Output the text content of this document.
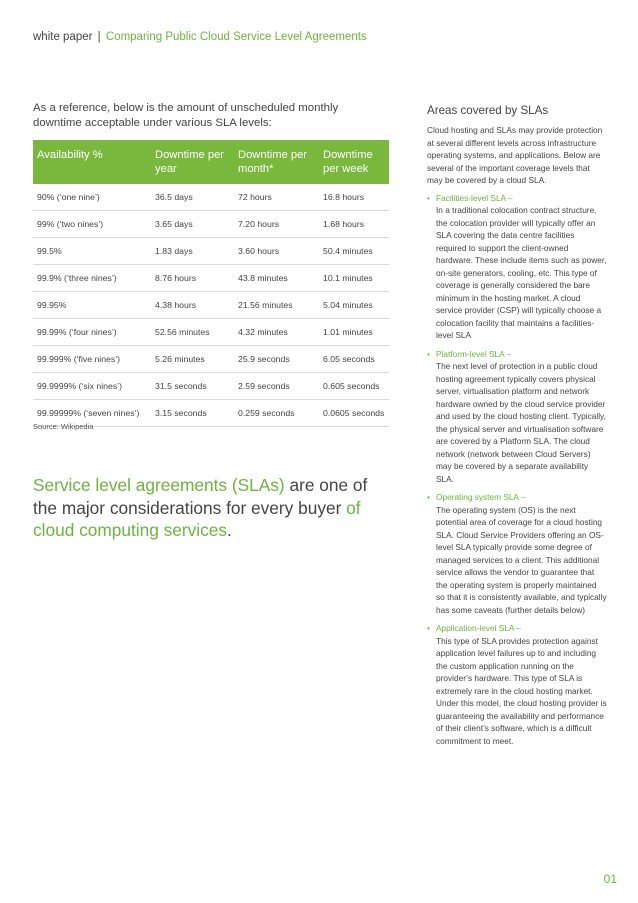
white paper | Comparing Public Cloud Service Level Agreements
As a reference, below is the amount of unscheduled monthly downtime acceptable under various SLA levels:
Availability %	Downtime per year	Downtime per month*	Downtime per week
90% (‘one nine’)	36.5 days	72 hours	16.8 hours
99% (‘two nines’)	3.65 days	7.20 hours	1.68 hours
99.5%	1.83 days	3.60 hours	50.4 minutes
99.9% (‘three nines’)	8.76 hours	43.8 minutes	10.1 minutes
99.95%	4.38 hours	21.56 minutes	5.04 minutes
99.99% (‘four nines’)	52.56 minutes	4.32 minutes	1.01 minutes
99.999% (‘five nines’)	5.26 minutes	25.9 seconds	6.05 seconds
99.9999% (‘six nines’)	31.5 seconds	2.59 seconds	0.605 seconds
99.99999% (‘seven nines’)	3.15 seconds	0.259 seconds	0.0605 seconds
Source: Wikipedia
Service level agreements (SLAs) are one of the major considerations for every buyer of cloud computing services.
Areas covered by SLAs
Cloud hosting and SLAs may provide protection at several different levels across infrastructure operating systems, and applications. Below are several of the important coverage levels that may be covered by a cloud SLA.
• Facilities-level SLA –
In a traditional colocation contract structure, the colocation provider will typically offer an SLA covering the data centre facilities required to support the client-owned hardware. These include items such as power, on-site generators, cooling, etc. This type of coverage is generally considered the bare minimum in the hosting market. A cloud service provider (CSP) will typically choose a colocation facility that maintains a facilities-level SLA
• Platform-level SLA –
The next level of protection in a public cloud hosting agreement typically covers physical server, virtualisation platform and network hardware owned by the cloud service provider and used by the cloud hosting client. Typically, the physical server and virtualisation software are covered by a Platform SLA. The cloud network (network between Cloud Servers) may be covered by a separate availability SLA.
• Operating system SLA –
The operating system (OS) is the next potential area of coverage for a cloud hosting SLA. Cloud Service Providers offering an OS-level SLA typically provide some degree of managed services to a client. This additional service allows the vendor to guarantee that the operating system is properly maintained so that it is consistently available, and typically has some caveats (further details below)
• Application-level SLA –
This type of SLA provides protection against application level failures up to and including the custom application running on the provider’s hardware. This type of SLA is extremely rare in the cloud hosting market. Under this model, the cloud hosting provider is guaranteeing the availability and performance of their client’s software, which is a difficult commitment to meet.
01
